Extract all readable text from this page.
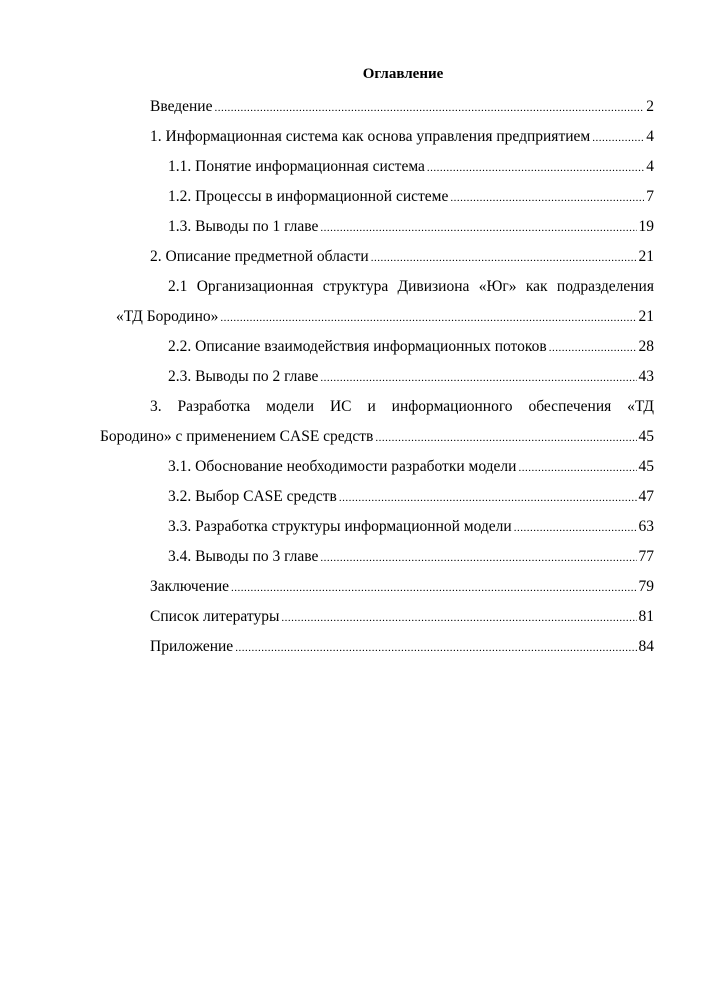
Оглавление
Введение .....	2
1. Информационная система как основа управления предприятием .....	4
1.1. Понятие информационная система .....	4
1.2. Процессы в информационной системе .....	7
1.3. Выводы по 1 главе .....	19
2. Описание предметной области .....	21
2.1 Организационная структура Дивизиона «Юг» как подразделения
«ТД Бородино» .....	21
2.2. Описание взаимодействия информационных потоков .....	28
2.3. Выводы по 2 главе .....	43
3. Разработка модели ИС и информационного обеспечения «ТД
Бородино» с применением CASE средств .....	45
3.1. Обоснование необходимости разработки модели .....	45
3.2. Выбор CASE средств .....	47
3.3. Разработка структуры информационной модели .....	63
3.4. Выводы по 3 главе .....	77
Заключение .....	79
Список литературы .....	81
Приложение .....	84
